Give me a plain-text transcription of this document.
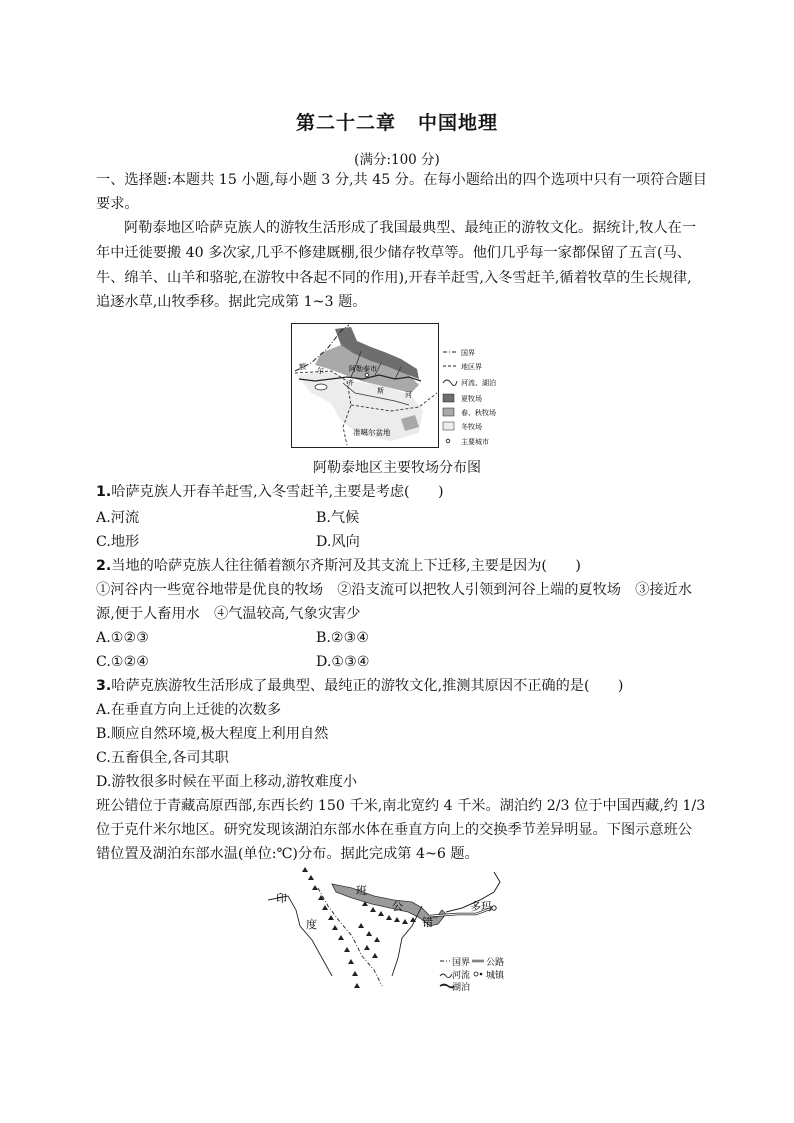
第二十二章 中国地理
(满分:100 分)
一、选择题:本题共 15 小题,每小题 3 分,共 45 分。在每小题给出的四个选项中只有一项符合题目
要求。
阿勒泰地区哈萨克族人的游牧生活形成了我国最典型、最纯正的游牧文化。据统计,牧人在一
年中迁徙要搬 40 多次家,几乎不修建厩棚,很少储存牧草等。他们几乎每一家都保留了五言(马、
牛、绵羊、山羊和骆驼,在游牧中各起不同的作用),开春羊赶雪,入冬雪赶羊,循着牧草的生长规律,
追逐水草,山牧季移。据此完成第 1~3 题。
阿勒泰市
额 尔
齐
斯	河
准噶尔盆地
国界
地区界
河流、湖泊
夏牧场
春、秋牧场
冬牧场
主要城市
阿勒泰地区主要牧场分布图
1.哈萨克族人开春羊赶雪,入冬雪赶羊,主要是考虑(　　)
A.河流	B.气候
C.地形	D.风向
2.当地的哈萨克族人往往循着额尔齐斯河及其支流上下迁移,主要是因为(　　)
①河谷内一些宽谷地带是优良的牧场　②沿支流可以把牧人引领到河谷上端的夏牧场　③接近水
源,便于人畜用水　④气温较高,气象灾害少
A.①②③	B.②③④
C.①②④	D.①③④
3.哈萨克族游牧生活形成了最典型、最纯正的游牧文化,推测其原因不正确的是(　　)
A.在垂直方向上迁徙的次数多
B.顺应自然环境,极大程度上利用自然
C.五畜俱全,各司其职
D.游牧很多时候在平面上移动,游牧难度小
班公错位于青藏高原西部,东西长约 150 千米,南北宽约 4 千米。湖泊约 2/3 位于中国西藏,约 1/3
位于克什米尔地区。研究发现该湖泊东部水体在垂直方向上的交换季节差异明显。下图示意班公
错位置及湖泊东部水温(单位:℃)分布。据此完成第 4~6 题。
班
公
错
多玛
印
度
国界 公路
河流 城镇
湖泊
